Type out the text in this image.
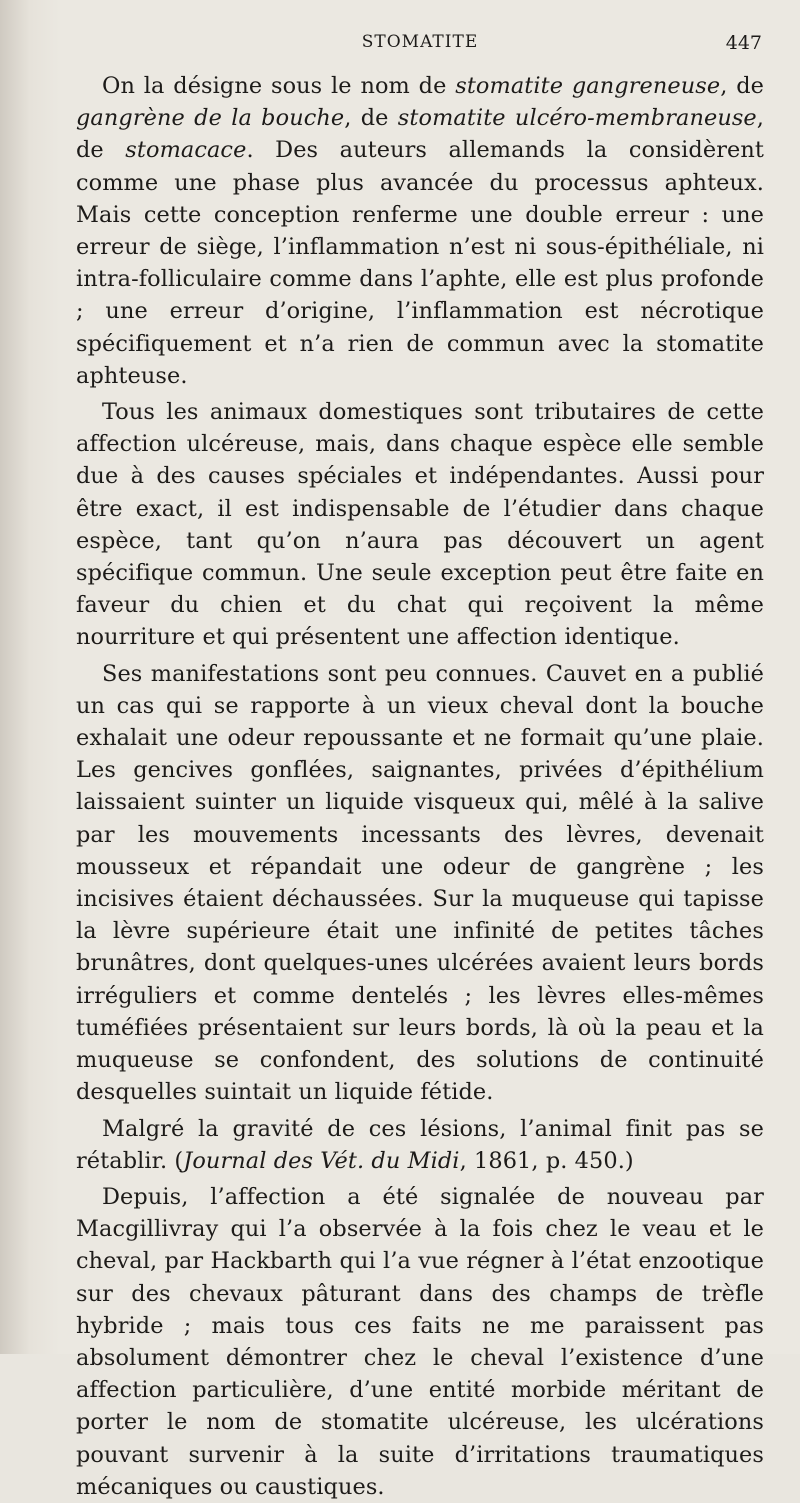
STOMATITE	447

On la désigne sous le nom de stomatite gangreneuse, de gangrène de la bouche, de stomatite ulcéro-membraneuse, de stomacace. Des auteurs allemands la considèrent comme une phase plus avancée du processus aphteux. Mais cette conception renferme une double erreur : une erreur de siège, l’inflammation n’est ni sous-épithéliale, ni intra-folliculaire comme dans l’aphte, elle est plus profonde ; une erreur d’origine, l’inflammation est nécrotique spécifiquement et n’a rien de commun avec la stomatite aphteuse.

Tous les animaux domestiques sont tributaires de cette affection ulcéreuse, mais, dans chaque espèce elle semble due à des causes spéciales et indépendantes. Aussi pour être exact, il est indispensable de l’étudier dans chaque espèce, tant qu’on n’aura pas découvert un agent spécifique commun. Une seule exception peut être faite en faveur du chien et du chat qui reçoivent la même nourriture et qui présentent une affection identique.

Ses manifestations sont peu connues. Cauvet en a publié un cas qui se rapporte à un vieux cheval dont la bouche exhalait une odeur repoussante et ne formait qu’une plaie. Les gencives gonflées, saignantes, privées d’épithélium laissaient suinter un liquide visqueux qui, mêlé à la salive par les mouvements incessants des lèvres, devenait mousseux et répandait une odeur de gangrène ; les incisives étaient déchaussées. Sur la muqueuse qui tapisse la lèvre supérieure était une infinité de petites tâches brunâtres, dont quelques-unes ulcérées avaient leurs bords irréguliers et comme dentelés ; les lèvres elles-mêmes tuméfiées présentaient sur leurs bords, là où la peau et la muqueuse se confondent, des solutions de continuité desquelles suintait un liquide fétide.

Malgré la gravité de ces lésions, l’animal finit pas se rétablir. (Journal des Vét. du Midi, 1861, p. 450.)

Depuis, l’affection a été signalée de nouveau par Macgillivray qui l’a observée à la fois chez le veau et le cheval, par Hackbarth qui l’a vue régner à l’état enzootique sur des chevaux pâturant dans des champs de trèfle hybride ; mais tous ces faits ne me paraissent pas absolument démontrer chez le cheval l’existence d’une affection particulière, d’une entité morbide méritant de porter le nom de stomatite ulcéreuse, les ulcérations pouvant survenir à la suite d’irritations traumatiques mécaniques ou caustiques.
